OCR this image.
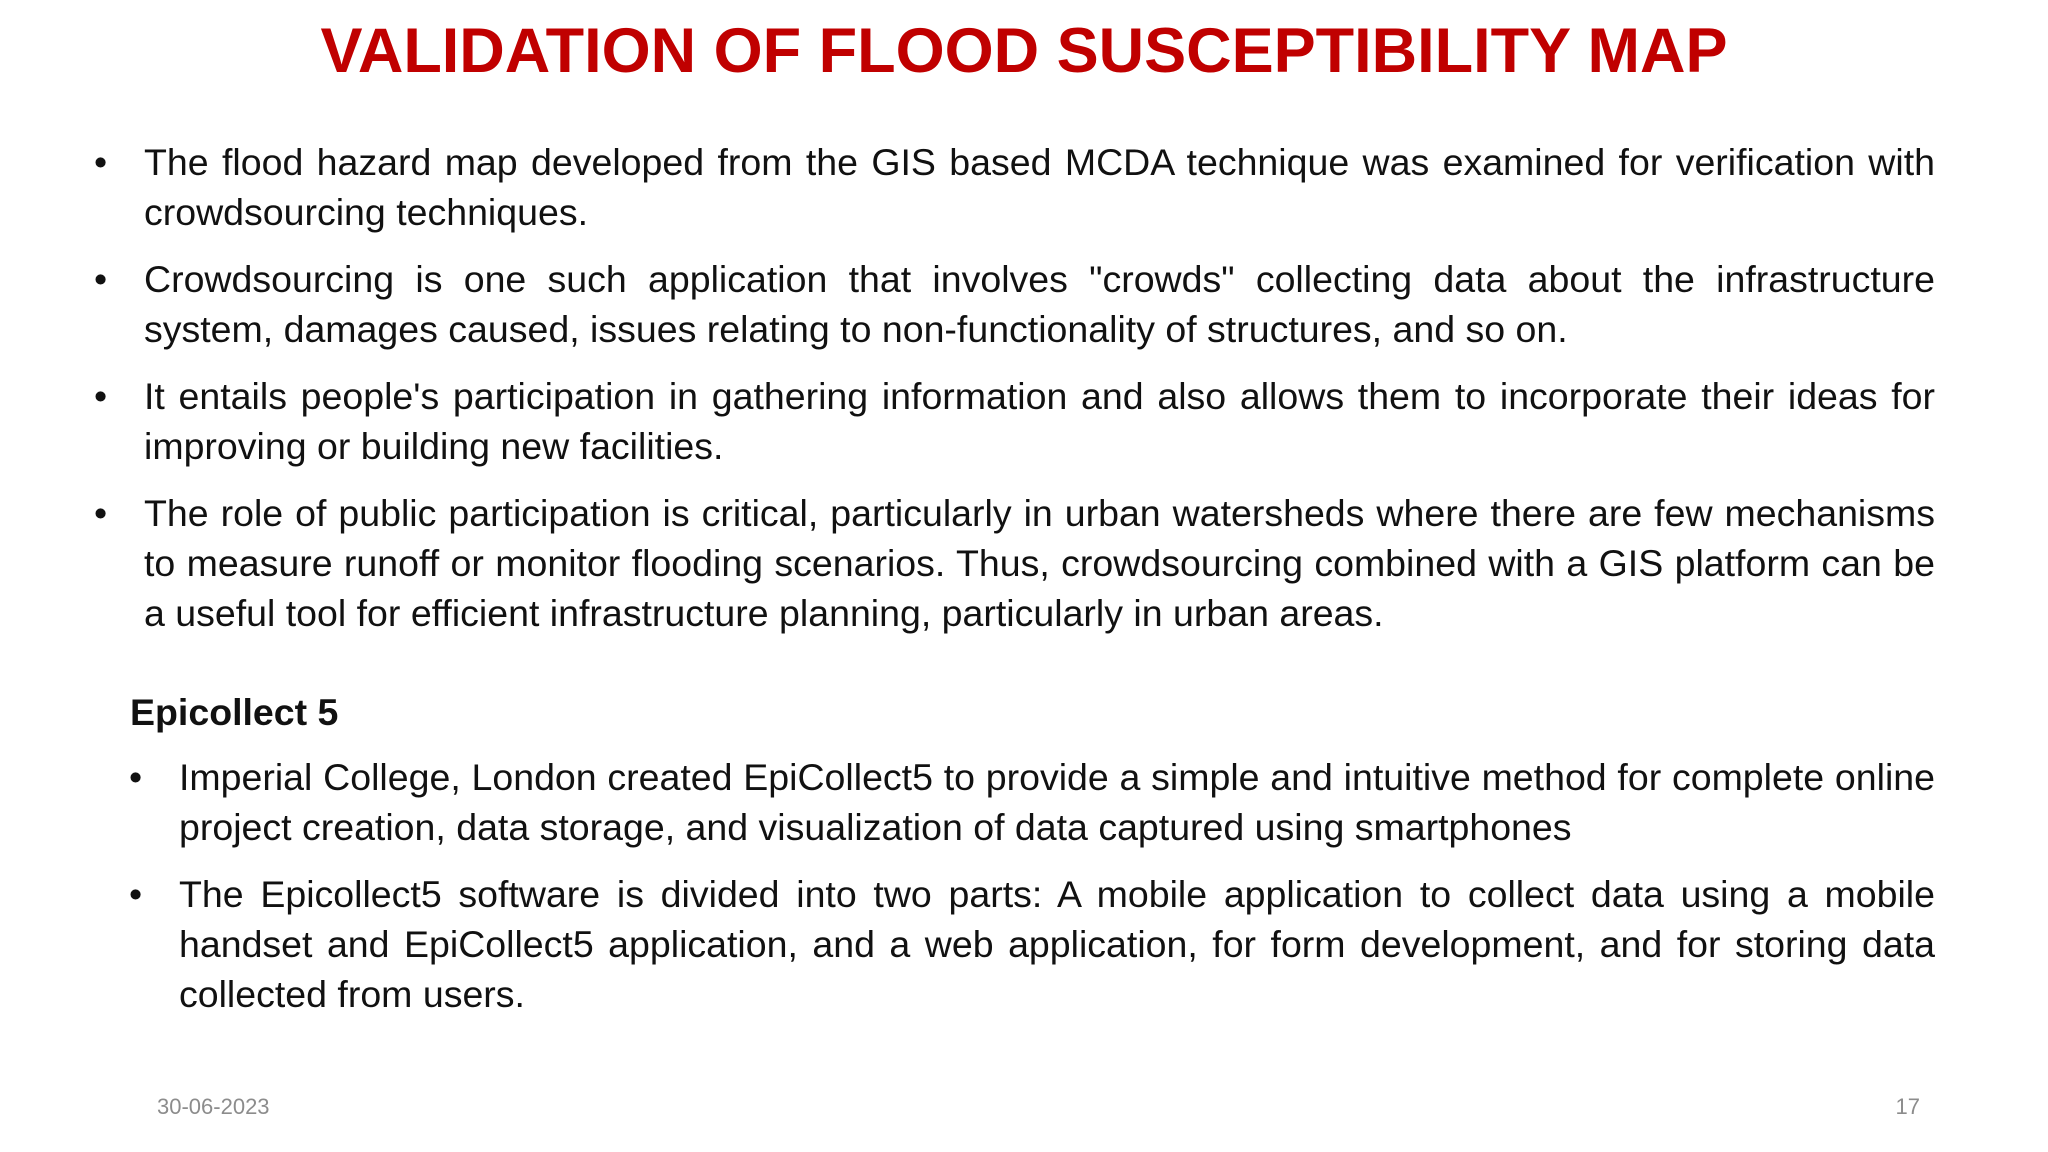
VALIDATION OF FLOOD SUSCEPTIBILITY MAP
• The flood hazard map developed from the GIS based MCDA technique was examined for verification with crowdsourcing techniques.
• Crowdsourcing is one such application that involves "crowds" collecting data about the infrastructure system, damages caused, issues relating to non-functionality of structures, and so on.
• It entails people's participation in gathering information and also allows them to incorporate their ideas for improving or building new facilities.
• The role of public participation is critical, particularly in urban watersheds where there are few mechanisms to measure runoff or monitor flooding scenarios. Thus, crowdsourcing combined with a GIS platform can be a useful tool for efficient infrastructure planning, particularly in urban areas.
Epicollect 5
• Imperial College, London created EpiCollect5 to provide a simple and intuitive method for complete online project creation, data storage, and visualization of data captured using smartphones
• The Epicollect5 software is divided into two parts: A mobile application to collect data using a mobile handset and EpiCollect5 application, and a web application, for form development, and for storing data collected from users.
30-06-2023	17
